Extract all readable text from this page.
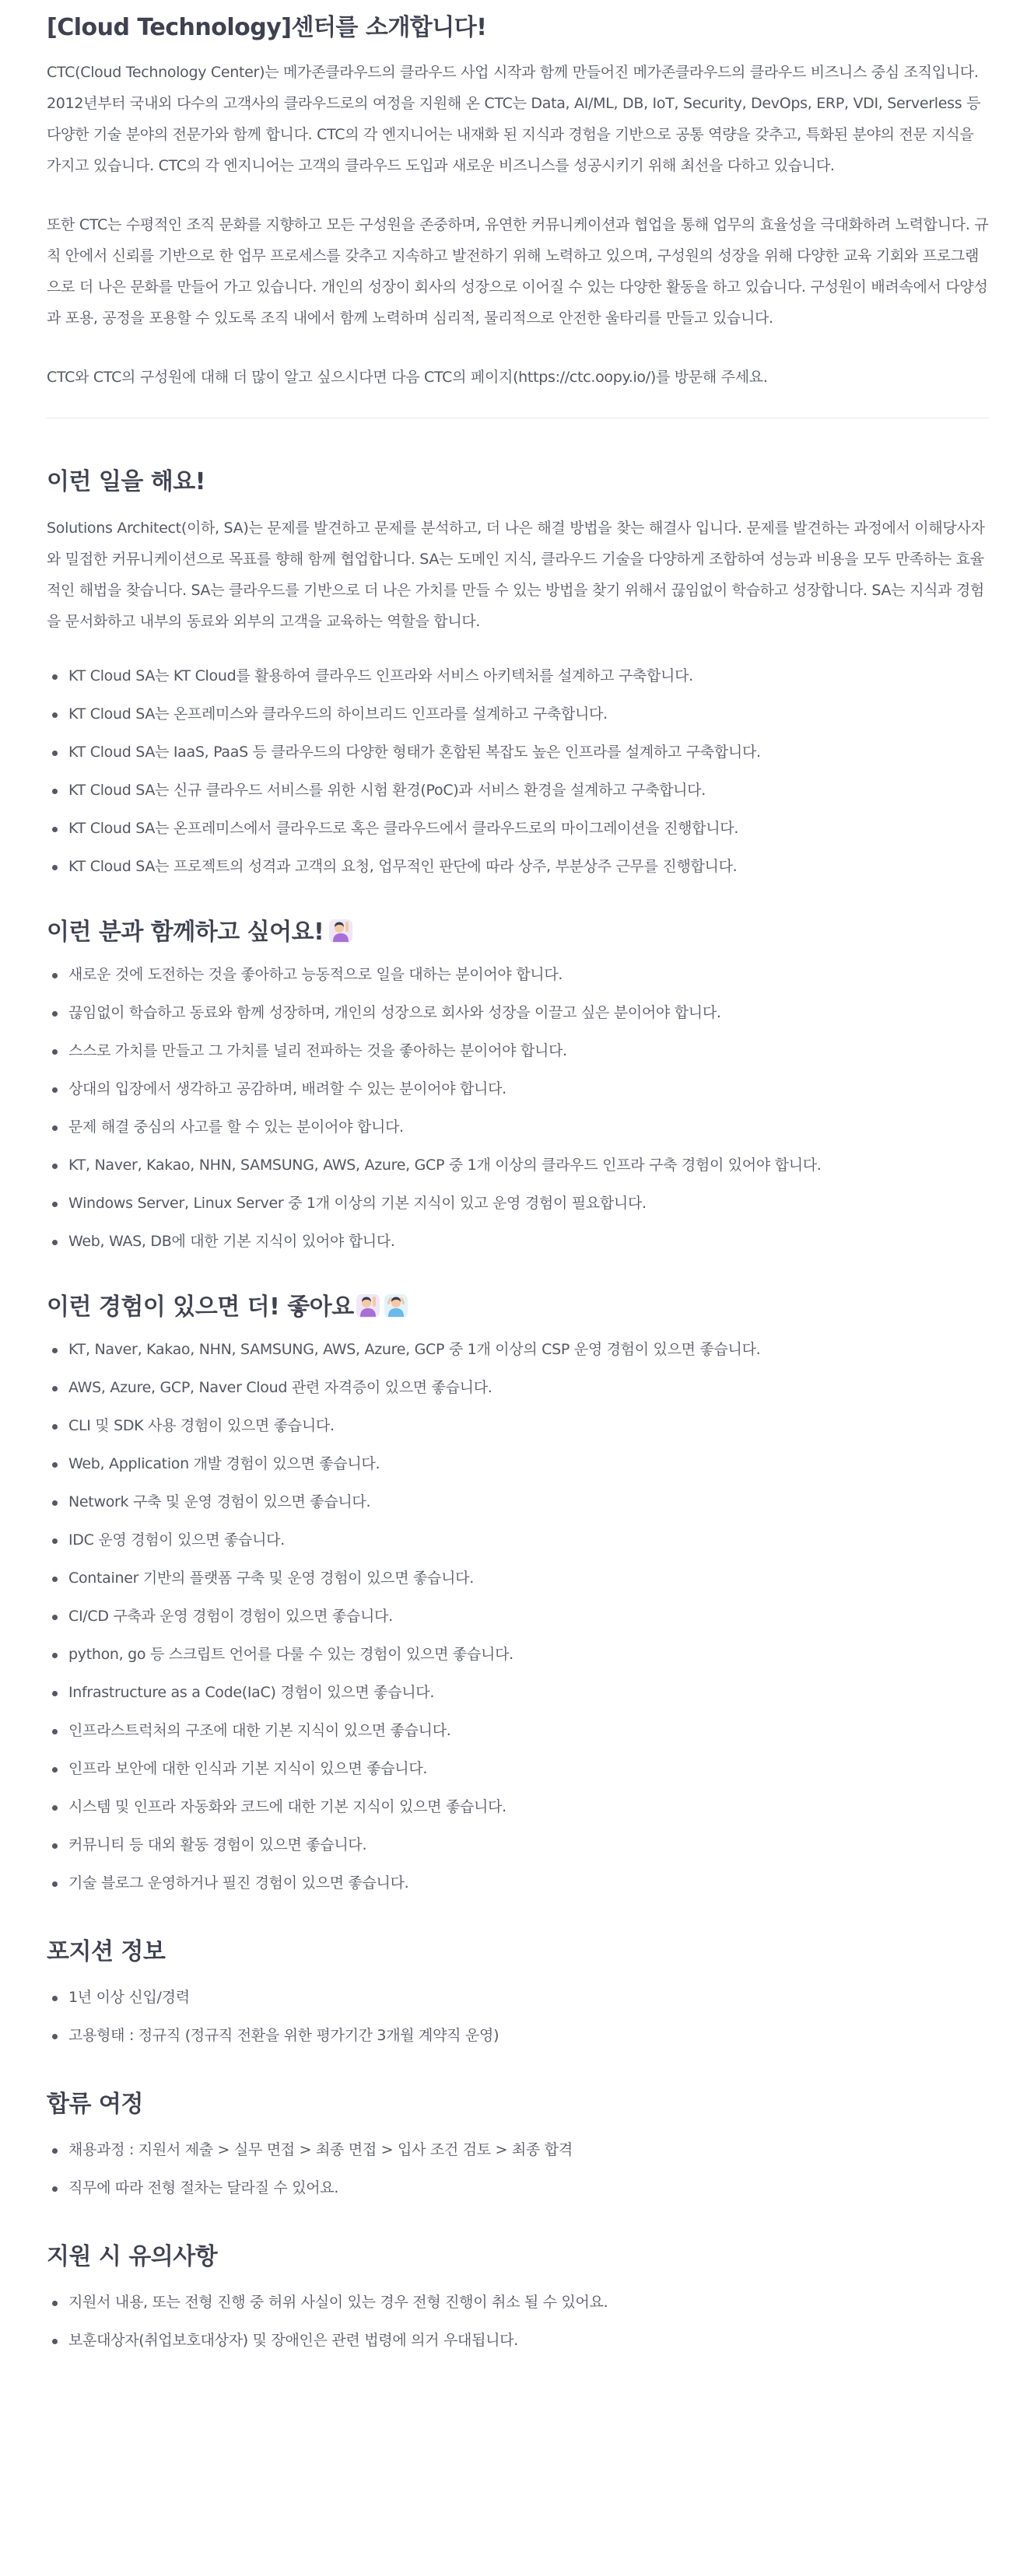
[Cloud Technology]센터를 소개합니다!

CTC(Cloud Technology Center)는 메가존클라우드의 클라우드 사업 시작과 함께 만들어진 메가존클라우드의 클라우드 비즈니스 중심 조직입니다. 2012년부터 국내외 다수의 고객사의 클라우드로의 여정을 지원해 온 CTC는 Data, AI/ML, DB, IoT, Security, DevOps, ERP, VDI, Serverless 등 다양한 기술 분야의 전문가와 함께 합니다. CTC의 각 엔지니어는 내재화 된 지식과 경험을 기반으로 공통 역량을 갖추고, 특화된 분야의 전문 지식을 가지고 있습니다. CTC의 각 엔지니어는 고객의 클라우드 도입과 새로운 비즈니스를 성공시키기 위해 최선을 다하고 있습니다.

또한 CTC는 수평적인 조직 문화를 지향하고 모든 구성원을 존중하며, 유연한 커뮤니케이션과 협업을 통해 업무의 효율성을 극대화하려 노력합니다. 규칙 안에서 신뢰를 기반으로 한 업무 프로세스를 갖추고 지속하고 발전하기 위해 노력하고 있으며, 구성원의 성장을 위해 다양한 교육 기회와 프로그램으로 더 나은 문화를 만들어 가고 있습니다. 개인의 성장이 회사의 성장으로 이어질 수 있는 다양한 활동을 하고 있습니다. 구성원이 배려속에서 다양성과 포용, 공정을 포용할 수 있도록 조직 내에서 함께 노력하며 심리적, 물리적으로 안전한 울타리를 만들고 있습니다.

CTC와 CTC의 구성원에 대해 더 많이 알고 싶으시다면 다음 CTC의 페이지(https://ctc.oopy.io/)를 방문해 주세요.

이런 일을 해요!

Solutions Architect(이하, SA)는 문제를 발견하고 문제를 분석하고, 더 나은 해결 방법을 찾는 해결사 입니다. 문제를 발견하는 과정에서 이해당사자와 밀접한 커뮤니케이션으로 목표를 향해 함께 협업합니다. SA는 도메인 지식, 클라우드 기술을 다양하게 조합하여 성능과 비용을 모두 만족하는 효율적인 해법을 찾습니다. SA는 클라우드를 기반으로 더 나은 가치를 만들 수 있는 방법을 찾기 위해서 끊임없이 학습하고 성장합니다. SA는 지식과 경험을 문서화하고 내부의 동료와 외부의 고객을 교육하는 역할을 합니다.

KT Cloud SA는 KT Cloud를 활용하여 클라우드 인프라와 서비스 아키텍처를 설계하고 구축합니다.
KT Cloud SA는 온프레미스와 클라우드의 하이브리드 인프라를 설계하고 구축합니다.
KT Cloud SA는 IaaS, PaaS 등 클라우드의 다양한 형태가 혼합된 복잡도 높은 인프라를 설계하고 구축합니다.
KT Cloud SA는 신규 클라우드 서비스를 위한 시험 환경(PoC)과 서비스 환경을 설계하고 구축합니다.
KT Cloud SA는 온프레미스에서 클라우드로 혹은 클라우드에서 클라우드로의 마이그레이션을 진행합니다.
KT Cloud SA는 프로젝트의 성격과 고객의 요청, 업무적인 판단에 따라 상주, 부분상주 근무를 진행합니다.
이런 분과 함께하고 싶어요!
새로운 것에 도전하는 것을 좋아하고 능동적으로 일을 대하는 분이어야 합니다.
끊임없이 학습하고 동료와 함께 성장하며, 개인의 성장으로 회사와 성장을 이끌고 싶은 분이어야 합니다.
스스로 가치를 만들고 그 가치를 널리 전파하는 것을 좋아하는 분이어야 합니다.
상대의 입장에서 생각하고 공감하며, 배려할 수 있는 분이어야 합니다.
문제 해결 중심의 사고를 할 수 있는 분이어야 합니다.
KT, Naver, Kakao, NHN, SAMSUNG, AWS, Azure, GCP 중 1개 이상의 클라우드 인프라 구축 경험이 있어야 합니다.
Windows Server, Linux Server 중 1개 이상의 기본 지식이 있고 운영 경험이 필요합니다.
Web, WAS, DB에 대한 기본 지식이 있어야 합니다.
이런 경험이 있으면 더! 좋아요
KT, Naver, Kakao, NHN, SAMSUNG, AWS, Azure, GCP 중 1개 이상의 CSP 운영 경험이 있으면 좋습니다.
AWS, Azure, GCP, Naver Cloud 관련 자격증이 있으면 좋습니다.
CLI 및 SDK 사용 경험이 있으면 좋습니다.
Web, Application 개발 경험이 있으면 좋습니다.
Network 구축 및 운영 경험이 있으면 좋습니다.
IDC 운영 경험이 있으면 좋습니다.
Container 기반의 플랫폼 구축 및 운영 경험이 있으면 좋습니다.
CI/CD 구축과 운영 경험이 경험이 있으면 좋습니다.
python, go 등 스크립트 언어를 다룰 수 있는 경험이 있으면 좋습니다.
Infrastructure as a Code(IaC) 경험이 있으면 좋습니다.
인프라스트럭처의 구조에 대한 기본 지식이 있으면 좋습니다.
인프라 보안에 대한 인식과 기본 지식이 있으면 좋습니다.
시스템 및 인프라 자동화와 코드에 대한 기본 지식이 있으면 좋습니다.
커뮤니티 등 대외 활동 경험이 있으면 좋습니다.
기술 블로그 운영하거나 필진 경험이 있으면 좋습니다.
포지션 정보
1년 이상 신입/경력
고용형태 : 정규직 (정규직 전환을 위한 평가기간 3개월 계약직 운영)
합류 여정
채용과정 : 지원서 제출 > 실무 면접 > 최종 면접 > 입사 조건 검토 > 최종 합격
직무에 따라 전형 절차는 달라질 수 있어요.
지원 시 유의사항
지원서 내용, 또는 전형 진행 중 허위 사실이 있는 경우 전형 진행이 취소 될 수 있어요.
보훈대상자(취업보호대상자) 및 장애인은 관련 법령에 의거 우대됩니다.
